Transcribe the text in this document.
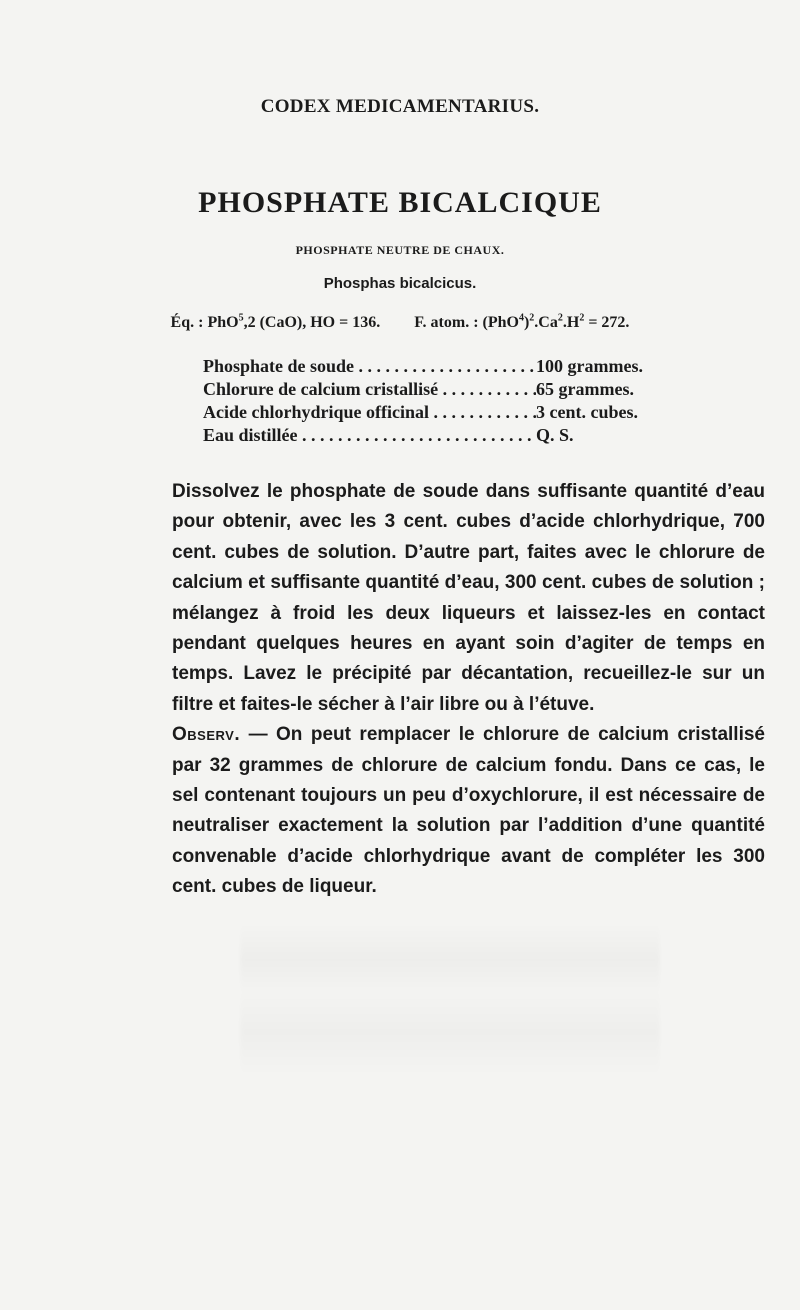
CODEX MEDICAMENTARIUS.
PHOSPHATE BICALCIQUE
PHOSPHATE NEUTRE DE CHAUX.
Phosphas bicalcicus.
Éq. : PhO$^5$,2 (CaO), HO = 136. F. atom. : $(PhO^4)^2.Ca^2.H^2 = 272$.
Phosphate de soude . . .	100 grammes.
Chlorure de calcium cristallisé . . .	65 grammes.
Acide chlorhydrique officinal . . .	3 cent. cubes.
Eau distillée . . .	Q. S.

Dissolvez le phosphate de soude dans suffisante quantité d’eau pour obtenir, avec les 3 cent. cubes d’acide chlorhydrique, 700 cent. cubes de solution. D’autre part, faites avec le chlorure de calcium et suffisante quantité d’eau, 300 cent. cubes de solution ; mélangez à froid les deux liqueurs et laissez-les en contact pendant quelques heures en ayant soin d’agiter de temps en temps. Lavez le précipité par décantation, recueillez-le sur un filtre et faites-le sécher à l’air libre ou à l’étuve.

Observ. — On peut remplacer le chlorure de calcium cristallisé par 32 grammes de chlorure de calcium fondu. Dans ce cas, le sel contenant toujours un peu d’oxychlorure, il est nécessaire de neutraliser exactement la solution par l’addition d’une quantité convenable d’acide chlorhydrique avant de compléter les 300 cent. cubes de liqueur.
